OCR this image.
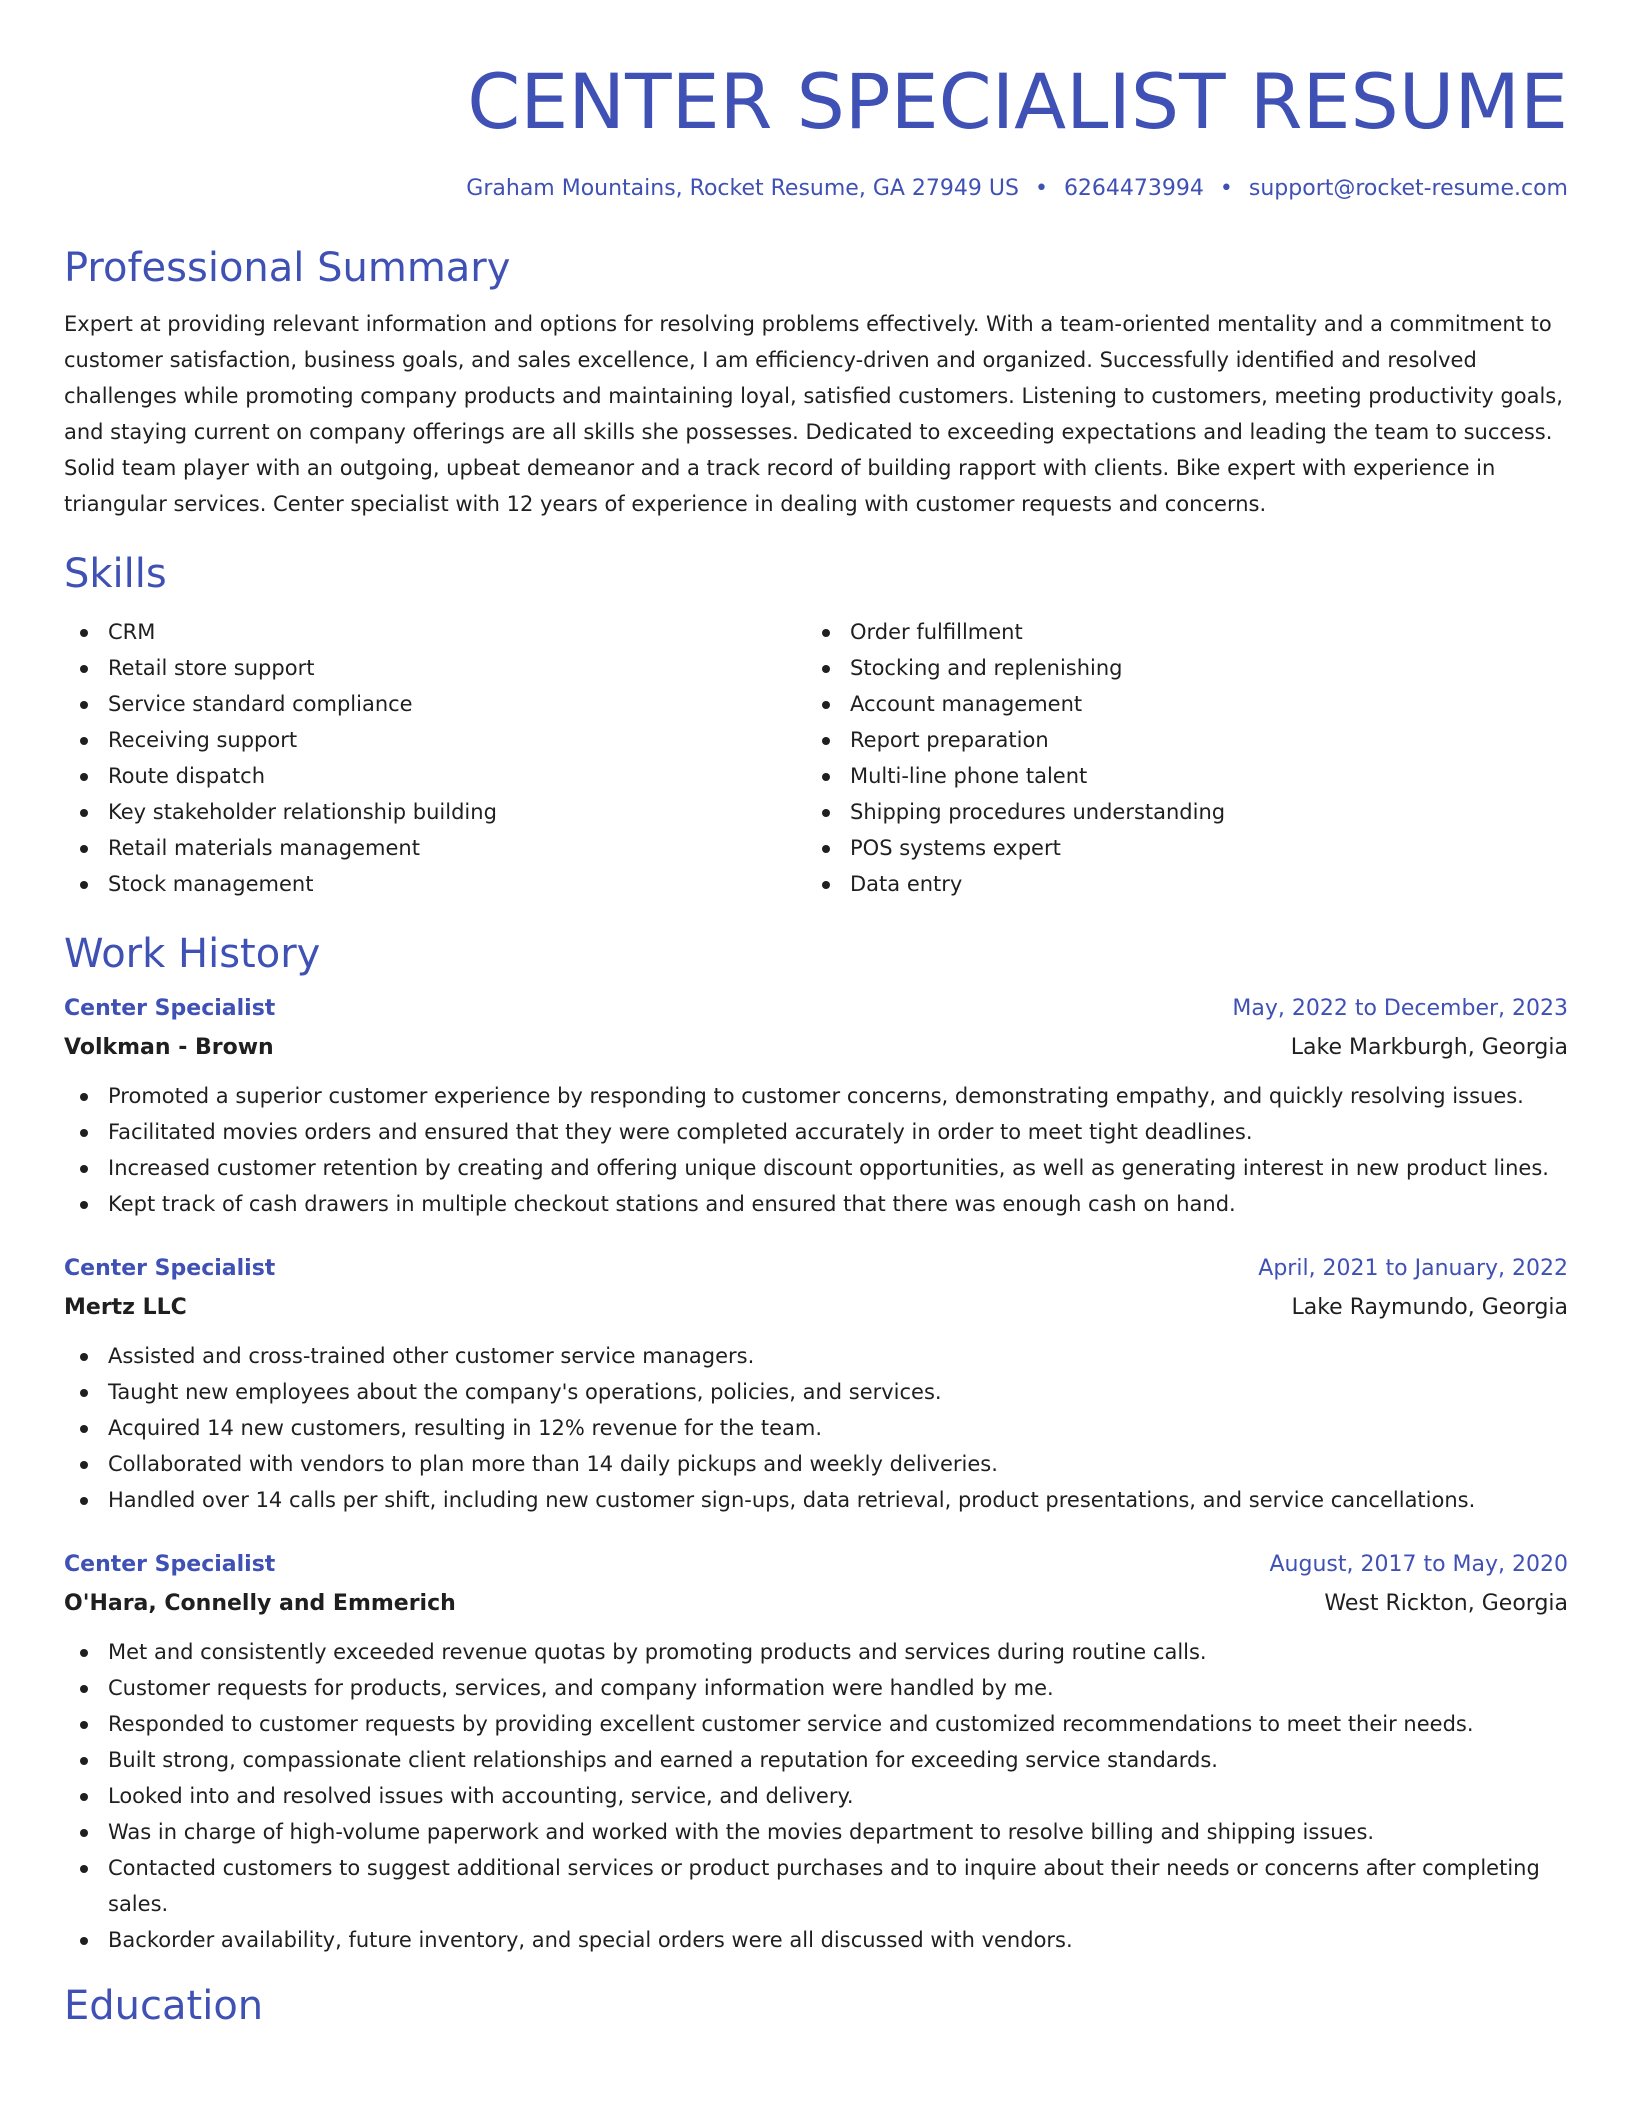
CENTER SPECIALIST RESUME
Graham Mountains, Rocket Resume, GA 27949 US • 6264473994 • support@rocket-resume.com
Professional Summary
Expert at providing relevant information and options for resolving problems effectively. With a team-oriented mentality and a commitment to customer satisfaction, business goals, and sales excellence, I am efficiency-driven and organized. Successfully identified and resolved challenges while promoting company products and maintaining loyal, satisfied customers. Listening to customers, meeting productivity goals, and staying current on company offerings are all skills she possesses. Dedicated to exceeding expectations and leading the team to success. Solid team player with an outgoing, upbeat demeanor and a track record of building rapport with clients. Bike expert with experience in triangular services. Center specialist with 12 years of experience in dealing with customer requests and concerns.
Skills
CRM
Retail store support
Service standard compliance
Receiving support
Route dispatch
Key stakeholder relationship building
Retail materials management
Stock management
Order fulfillment
Stocking and replenishing
Account management
Report preparation
Multi-line phone talent
Shipping procedures understanding
POS systems expert
Data entry
Work History
Center Specialist	May, 2022 to December, 2023
Volkman - Brown	Lake Markburgh, Georgia
Promoted a superior customer experience by responding to customer concerns, demonstrating empathy, and quickly resolving issues.
Facilitated movies orders and ensured that they were completed accurately in order to meet tight deadlines.
Increased customer retention by creating and offering unique discount opportunities, as well as generating interest in new product lines.
Kept track of cash drawers in multiple checkout stations and ensured that there was enough cash on hand.
Center Specialist	April, 2021 to January, 2022
Mertz LLC	Lake Raymundo, Georgia
Assisted and cross-trained other customer service managers.
Taught new employees about the company's operations, policies, and services.
Acquired 14 new customers, resulting in 12% revenue for the team.
Collaborated with vendors to plan more than 14 daily pickups and weekly deliveries.
Handled over 14 calls per shift, including new customer sign-ups, data retrieval, product presentations, and service cancellations.
Center Specialist	August, 2017 to May, 2020
O'Hara, Connelly and Emmerich	West Rickton, Georgia
Met and consistently exceeded revenue quotas by promoting products and services during routine calls.
Customer requests for products, services, and company information were handled by me.
Responded to customer requests by providing excellent customer service and customized recommendations to meet their needs.
Built strong, compassionate client relationships and earned a reputation for exceeding service standards.
Looked into and resolved issues with accounting, service, and delivery.
Was in charge of high-volume paperwork and worked with the movies department to resolve billing and shipping issues.
Contacted customers to suggest additional services or product purchases and to inquire about their needs or concerns after completing sales.
Backorder availability, future inventory, and special orders were all discussed with vendors.
Education
